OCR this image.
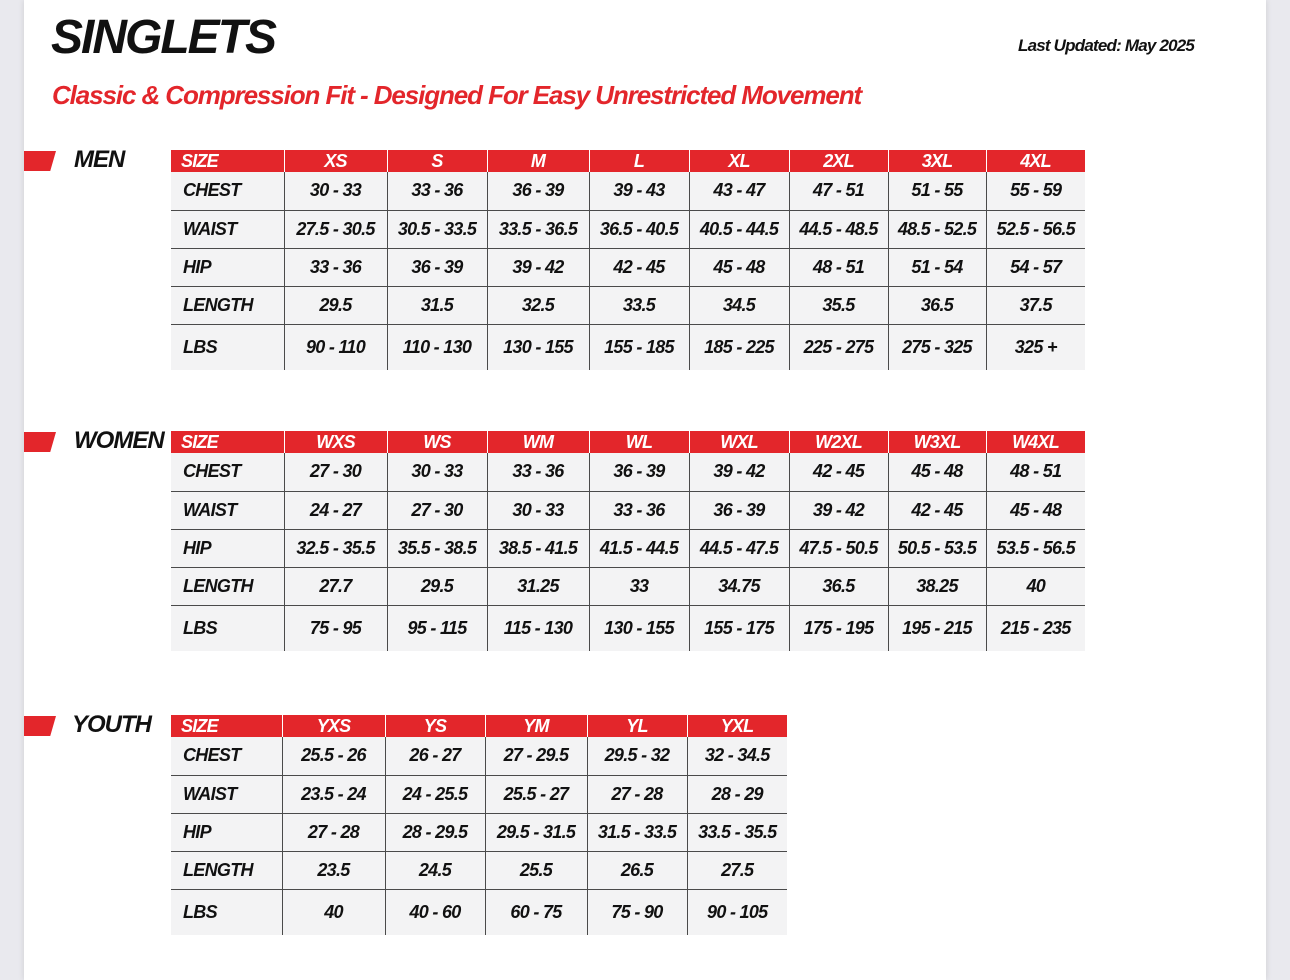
SINGLETS	Last Updated: May 2025
Classic & Compression Fit - Designed For Easy Unrestricted Movement
MEN	SIZE	XS	S	M	L	XL	2XL	3XL	4XL
CHEST	30 - 33	33 - 36	36 - 39	39 - 43	43 - 47	47 - 51	51 - 55	55 - 59
WAIST	27.5 - 30.5	30.5 - 33.5	33.5 - 36.5	36.5 - 40.5	40.5 - 44.5	44.5 - 48.5	48.5 - 52.5	52.5 - 56.5
HIP	33 - 36	36 - 39	39 - 42	42 - 45	45 - 48	48 - 51	51 - 54	54 - 57
LENGTH	29.5	31.5	32.5	33.5	34.5	35.5	36.5	37.5
LBS	90 - 110	110 - 130	130 - 155	155 - 185	185 - 225	225 - 275	275 - 325	325 +
WOMEN SIZE	WXS	WS	WM	WL	WXL	W2XL	W3XL	W4XL
CHEST	27 - 30	30 - 33	33 - 36	36 - 39	39 - 42	42 - 45	45 - 48	48 - 51
WAIST	24 - 27	27 - 30	30 - 33	33 - 36	36 - 39	39 - 42	42 - 45	45 - 48
HIP	32.5 - 35.5	35.5 - 38.5	38.5 - 41.5	41.5 - 44.5	44.5 - 47.5	47.5 - 50.5	50.5 - 53.5	53.5 - 56.5
LENGTH	27.7	29.5	31.25	33	34.75	36.5	38.25	40
LBS	75 - 95	95 - 115	115 - 130	130 - 155	155 - 175	175 - 195	195 - 215	215 - 235
YOUTH SIZE	YXS	YS	YM	YL	YXL
CHEST	25.5 - 26	26 - 27	27 - 29.5	29.5 - 32	32 - 34.5
WAIST	23.5 - 24	24 - 25.5	25.5 - 27	27 - 28	28 - 29
HIP	27 - 28	28 - 29.5	29.5 - 31.5	31.5 - 33.5	33.5 - 35.5
LENGTH	23.5	24.5	25.5	26.5	27.5
LBS	40	40 - 60	60 - 75	75 - 90	90 - 105
